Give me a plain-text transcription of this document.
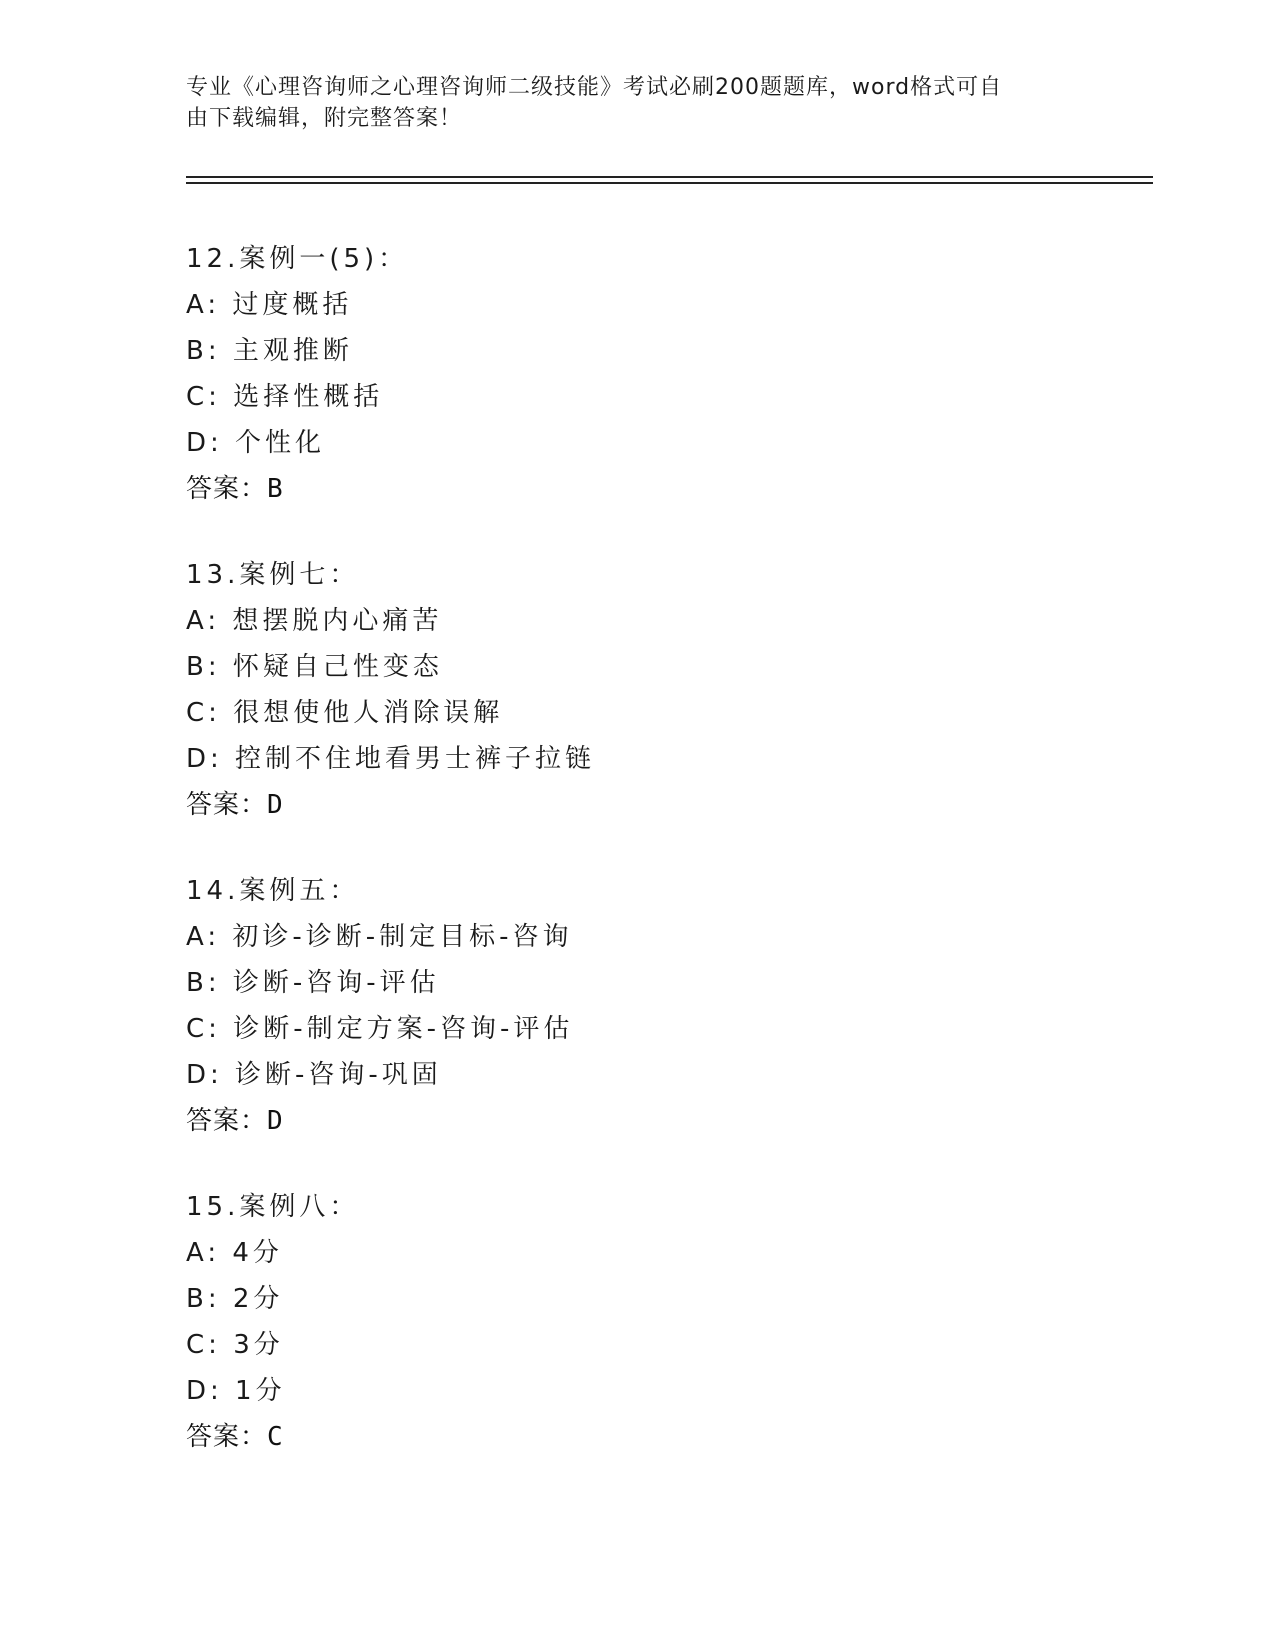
专业《心理咨询师之心理咨询师二级技能》考试必刷200题题库，word格式可自
由下载编辑，附完整答案！
12.案例一(5)：
A: 过度概括
B: 主观推断
C: 选择性概括
D: 个性化
答案：B
13.案例七：
A: 想摆脱内心痛苦
B: 怀疑自己性变态
C: 很想使他人消除误解
D: 控制不住地看男士裤子拉链
答案：D
14.案例五：
A: 初诊-诊断-制定目标-咨询
B: 诊断-咨询-评估
C: 诊断-制定方案-咨询-评估
D: 诊断-咨询-巩固
答案：D
15.案例八：
A: 4分
B: 2分
C: 3分
D: 1分
答案：C
